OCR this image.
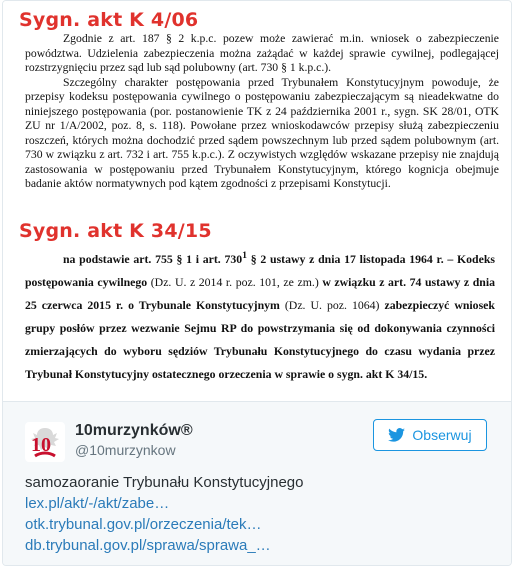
Sygn. akt K 4/06

Zgodnie z art. 187 § 2 k.p.c. pozew może zawierać m.in. wniosek o zabezpieczenie powództwa. Udzielenia zabezpieczenia można zażądać w każdej sprawie cywilnej, podlegającej rozstrzygnięciu przez sąd lub sąd polubowny (art. 730 § 1 k.p.c.).

Szczególny charakter postępowania przed Trybunałem Konstytucyjnym powoduje, że przepisy kodeksu postępowania cywilnego o postępowaniu zabezpieczającym są nieadekwatne do niniejszego postępowania (por. postanowienie TK z 24 października 2001 r., sygn. SK 28/01, OTK ZU nr 1/A/2002, poz. 8, s. 118). Powołane przez wnioskodawców przepisy służą zabezpieczeniu roszczeń, których można dochodzić przed sądem powszechnym lub przed sądem polubownym (art. 730 w związku z art. 732 i art. 755 k.p.c.). Z oczywistych względów wskazane przepisy nie znajdują zastosowania w postępowaniu przed Trybunałem Konstytucyjnym, którego kognicja obejmuje badanie aktów normatywnych pod kątem zgodności z przepisami Konstytucji.

Sygn. akt K 34/15
na podstawie art. 755 § 1 i art. $730^1$ § 2 ustawy z dnia 17 listopada 1964 r. – Kodeks postępowania cywilnego (Dz. U. z 2014 r. poz. 101, ze zm.) w związku z art. 74 ustawy z dnia 25 czerwca 2015 r. o Trybunale Konstytucyjnym (Dz. U. poz. 1064) zabezpieczyć wniosek grupy posłów przez wezwanie Sejmu RP do powstrzymania się od dokonywania czynności zmierzających do wyboru sędziów Trybunału Konstytucyjnego do czasu wydania przez Trybunał Konstytucyjny ostatecznego orzeczenia w sprawie o sygn. akt K 34/15.
10
10murzynków®
@10murzynkow
Obserwuj
samozaoranie Trybunału Konstytucyjnego
lex.pl/akt/-/akt/zabe…
otk.trybunal.gov.pl/orzeczenia/tek…
db.trybunal.gov.pl/sprawa/sprawa_…
